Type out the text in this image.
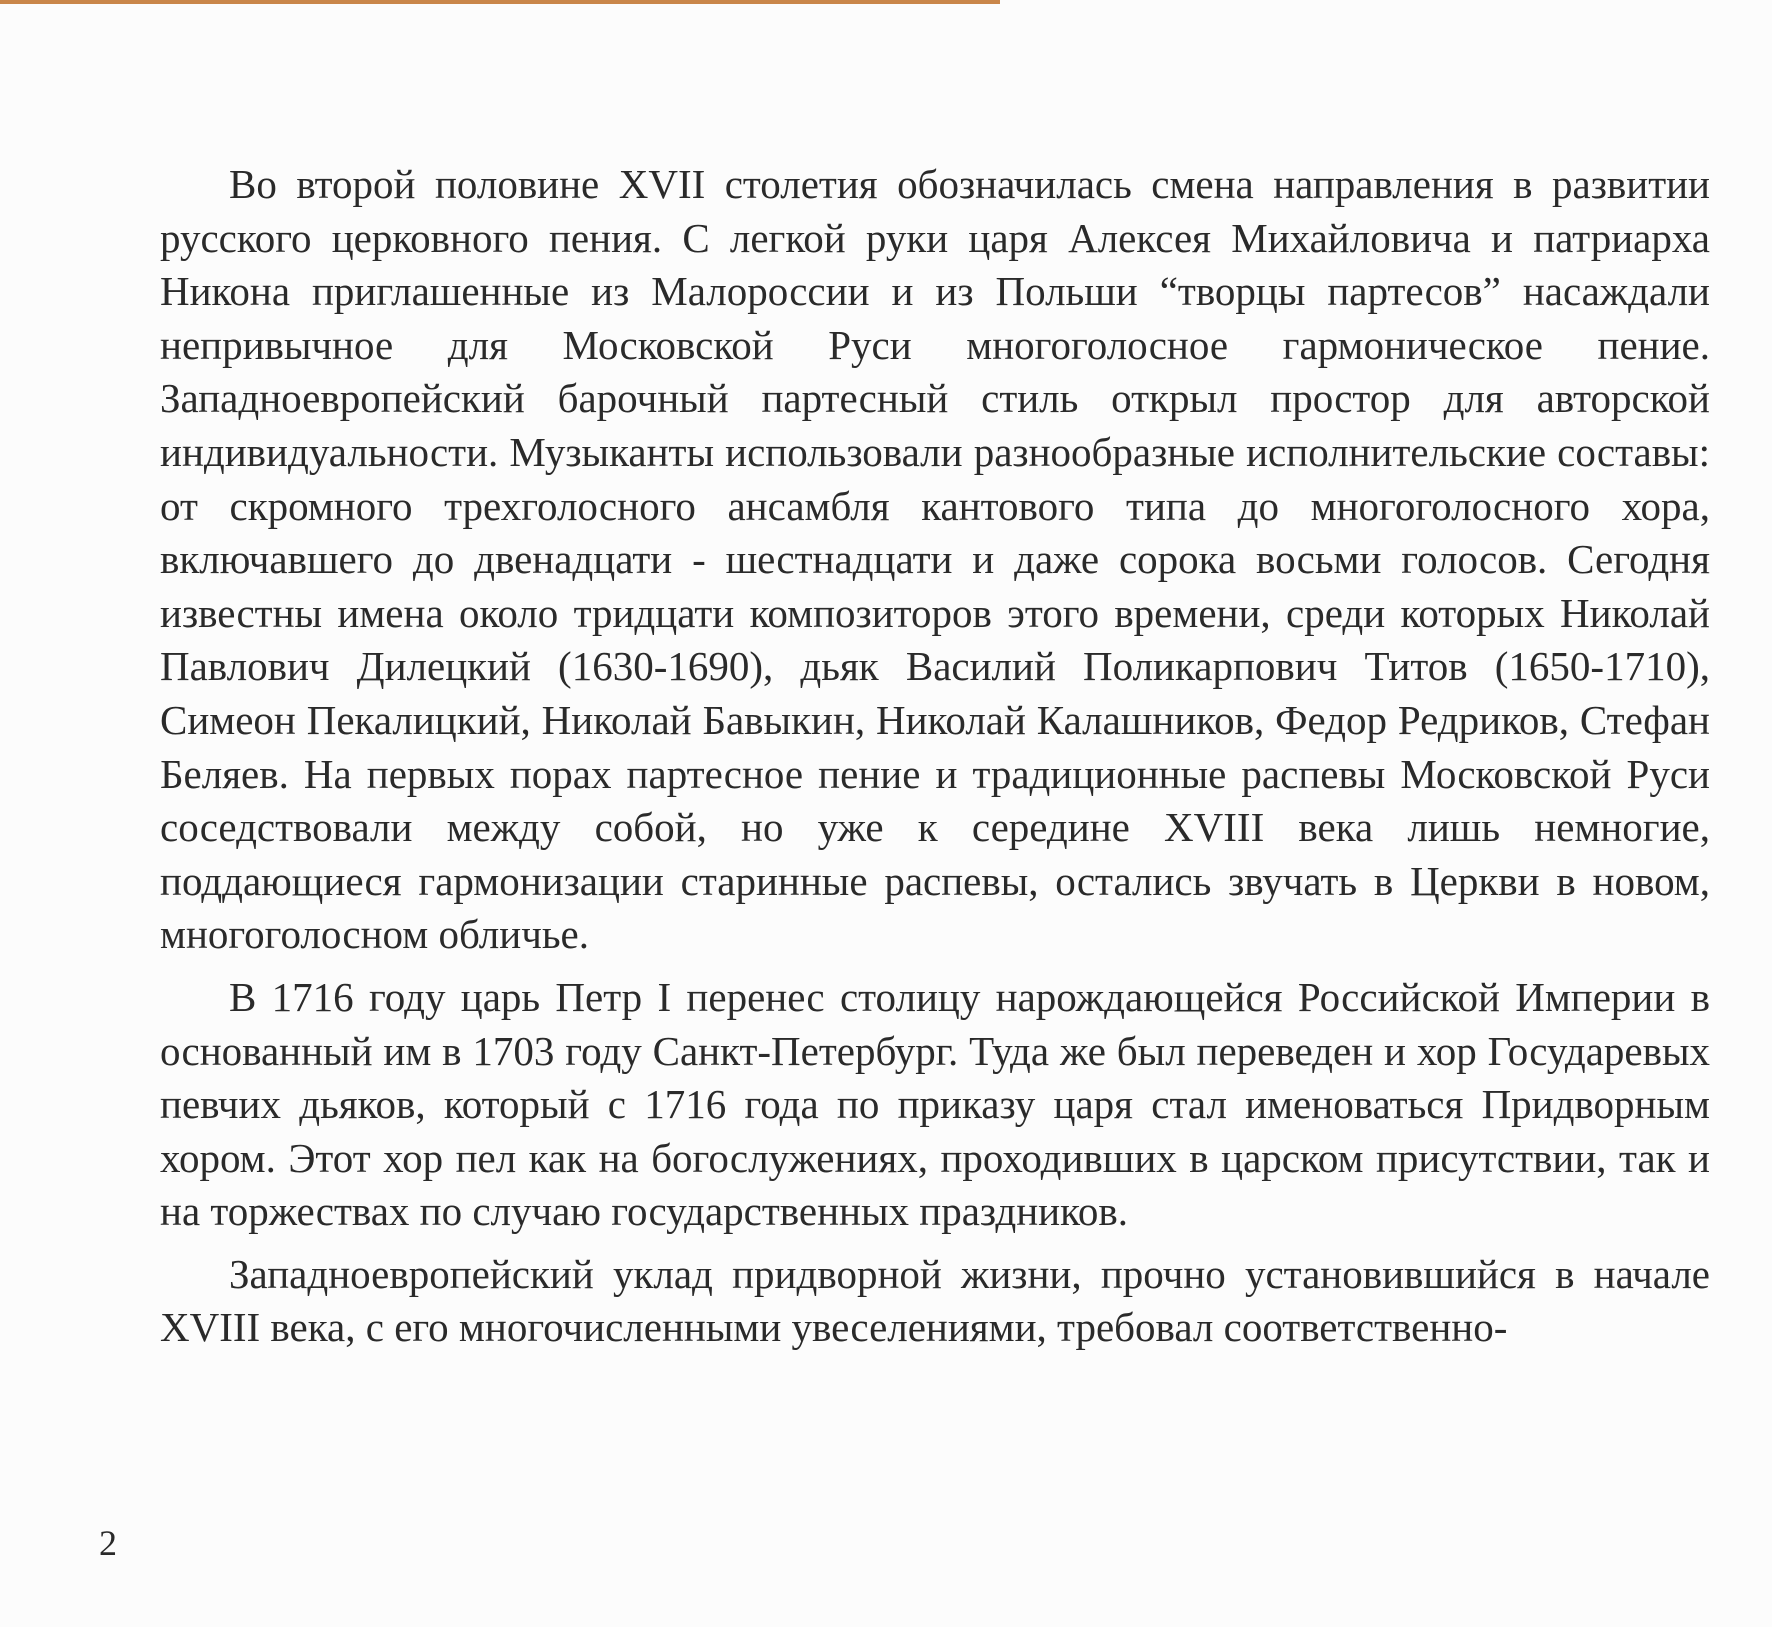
Во второй половине XVII столетия обозначилась смена направления в развитии русского церковного пения. С легкой руки царя Алексея Михайловича и патриарха Никона приглашенные из Малороссии и из Польши “творцы партесов” насаждали непривычное для Московской Руси многоголосное гармоническое пение. Западноевропейский барочный партесный стиль открыл простор для авторской индивидуальности. Музыканты использовали разнообразные исполнительские составы: от скромного трехголосного ансамбля кантового типа до многоголосного хора, включавшего до двенадцати - шестнадцати и даже сорока восьми голосов. Сегодня известны имена около тридцати композиторов этого времени, среди которых Николай Павлович Дилецкий (1630-1690), дьяк Василий Поликарпович Титов (1650-1710), Симеон Пекалицкий, Николай Бавыкин, Николай Калашников, Федор Редриков, Стефан Беляев. На первых порах партесное пение и традиционные распевы Московской Руси соседствовали между собой, но уже к середине XVIII века лишь немногие, поддающиеся гармонизации старинные распевы, остались звучать в Церкви в новом, многоголосном обличье.

В 1716 году царь Петр I перенес столицу нарождающейся Российской Империи в основанный им в 1703 году Санкт-Петербург. Туда же был переведен и хор Государевых певчих дьяков, который с 1716 года по приказу царя стал именоваться Придворным хором. Этот хор пел как на богослужениях, проходивших в царском присутствии, так и на торжествах по случаю государственных праздников.

Западноевропейский уклад придворной жизни, прочно установившийся в начале XVIII века, с его многочисленными увеселениями, требовал соответственно-

2
